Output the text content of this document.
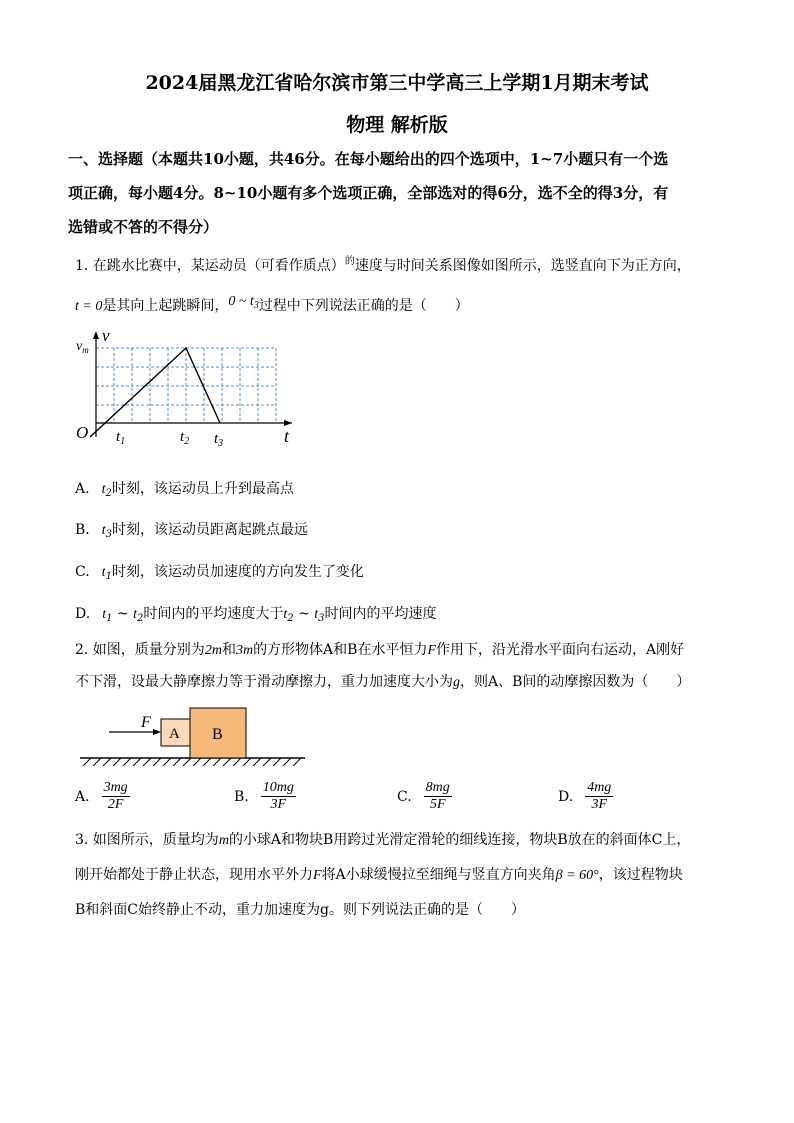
2024届黑龙江省哈尔滨市第三中学高三上学期1月期末考试
物理 解析版
一、选择题（本题共10小题，共46分。在每小题给出的四个选项中，1~7小题只有一个选
项正确，每小题4分。8~10小题有多个选项正确，全部选对的得6分，选不全的得3分，有
选错或不答的不得分）
1. 在跳水比赛中，某运动员（可看作质点）$^的$速度与时间关系图像如图所示，选竖直向下为正方向，
t = 0是其向上起跳瞬间，0 ~ $t_3$过程中下列说法正确的是（　　）
$v_m$
v
O $t_1$	$t_2$ $t_3$	t
A. $t_2$时刻，该运动员上升到最高点
B. $t_3$时刻，该运动员距离起跳点最远
C. $t_1$时刻，该运动员加速度的方向发生了变化
D. $t_1$ ~ $t_2$时间内的平均速度大于$t_2$ ~ $t_3$时间内的平均速度
2. 如图，质量分别为2m和3m的方形物体A和B在水平恒力F作用下，沿光滑水平面向右运动，A刚好
不下滑，设最大静摩擦力等于滑动摩擦力，重力加速度大小为g，则A、B间的动摩擦因数为（　　）
F
A B
A. $\frac{3mg}{2F}$	B. $\frac{10mg}{3F}$	C. $\frac{8mg}{5F}$	D. $\frac{4mg}{3F}$
3. 如图所示，质量均为m的小球A和物块B用跨过光滑定滑轮的细线连接，物块B放在的斜面体C上，
刚开始都处于静止状态，现用水平外力F将A小球缓慢拉至细绳与竖直方向夹角β = 60°，该过程物块
B和斜面C始终静止不动，重力加速度为g。则下列说法正确的是（　　）
